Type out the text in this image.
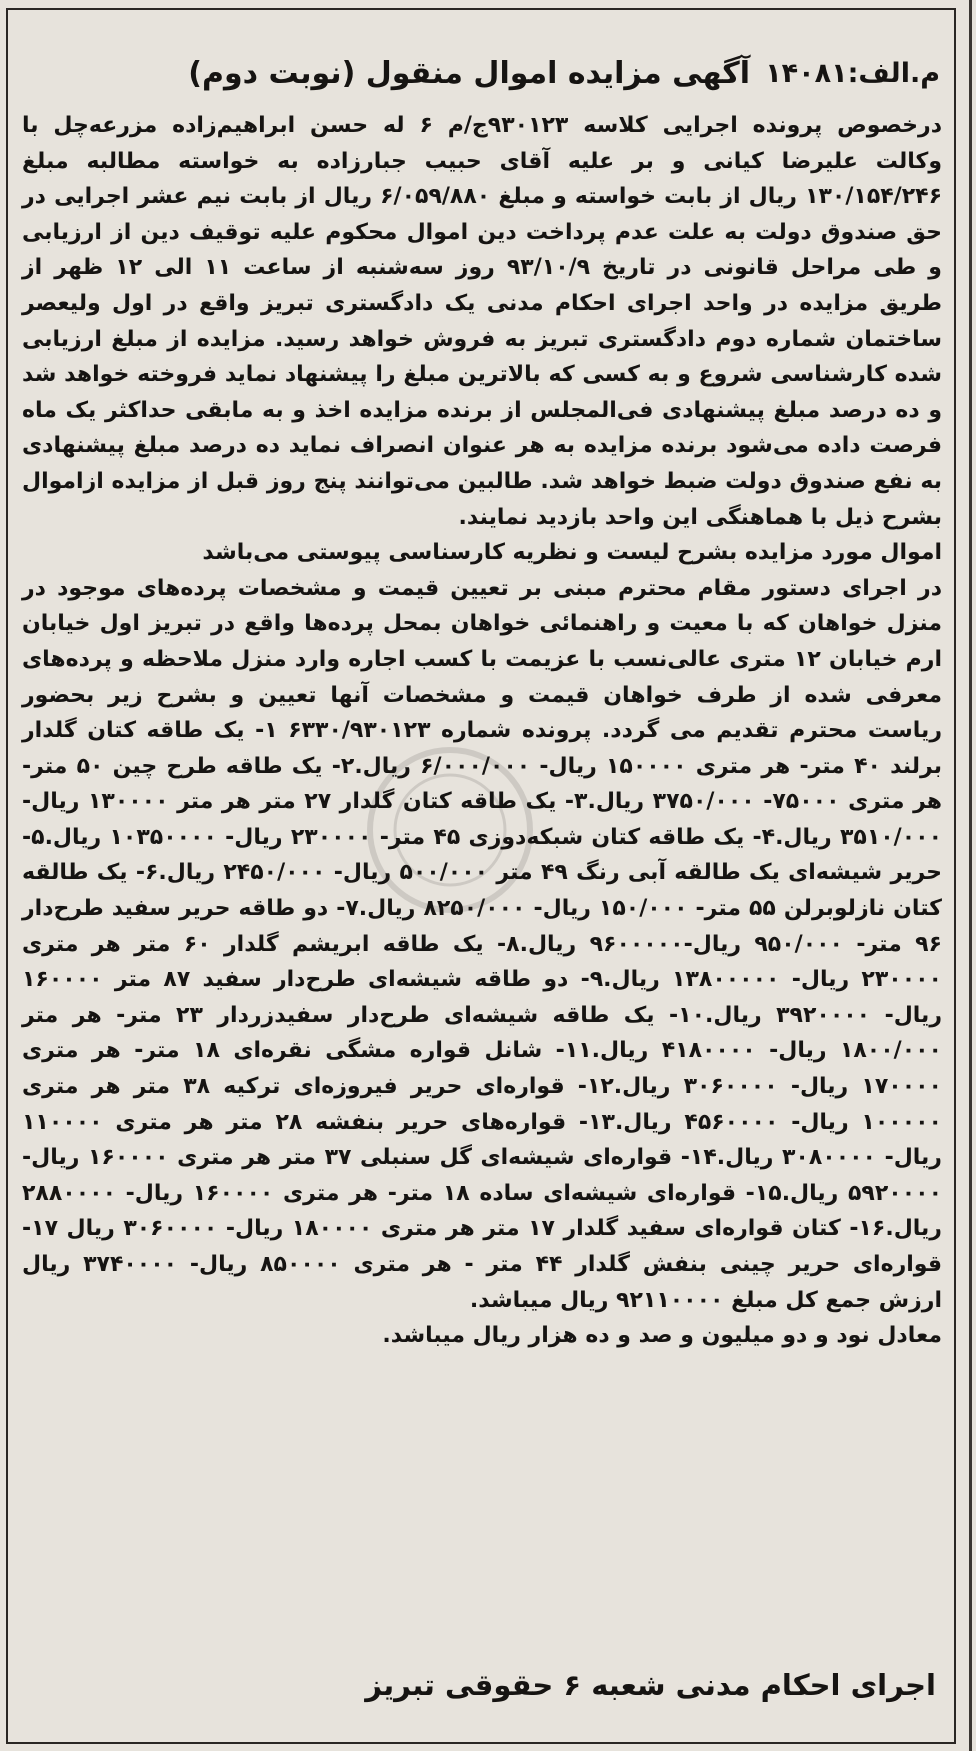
م.الف:۱۴۰۸۱
آگهی مزایده اموال منقول (نوبت دوم)

درخصوص پرونده اجرایی کلاسه ۹۳۰۱۲۳ج/م ۶ له حسن ابراهیم‌زاده مزرعه‌چل با وکالت علیرضا کیانی و بر علیه آقای حبیب جبارزاده به خواسته مطالبه مبلغ ۱۳۰/۱۵۴/۲۴۶ ریال از بابت خواسته و مبلغ ۶/۰۵۹/۸۸۰ ریال از بابت نیم عشر اجرایی در حق صندوق دولت به علت عدم پرداخت دین اموال محکوم علیه توقیف دین از ارزیابی و طی مراحل قانونی در تاریخ ۹۳/۱۰/۹ روز سه‌شنبه از ساعت ۱۱ الی ۱۲ ظهر از طریق مزایده در واحد اجرای احکام مدنی یک دادگستری تبریز واقع در اول ولیعصر ساختمان شماره دوم دادگستری تبریز به فروش خواهد رسید. مزایده از مبلغ ارزیابی شده کارشناسی شروع و به کسی که بالاترین مبلغ را پیشنهاد نماید فروخته خواهد شد و ده درصد مبلغ پیشنهادی فی‌المجلس از برنده مزایده اخذ و به مابقی حداکثر یک ماه فرصت داده می‌شود برنده مزایده به هر عنوان انصراف نماید ده درصد مبلغ پیشنهادی به نفع صندوق دولت ضبط خواهد شد. طالبین می‌توانند پنج روز قبل از مزایده ازاموال بشرح ذیل با هماهنگی این واحد بازدید نمایند.

اموال مورد مزایده بشرح لیست و نظریه کارسناسی پیوستی می‌باشد

در اجرای دستور مقام محترم مبنی بر تعیین قیمت و مشخصات پرده‌های موجود در منزل خواهان که با معیت و راهنمائی خواهان بمحل پرده‌ها واقع در تبریز اول خیابان ارم خیابان ۱۲ متری عالی‌نسب با عزیمت با کسب اجاره وارد منزل ملاحظه و پرده‌های معرفی شده از طرف خواهان قیمت و مشخصات آنها تعیین و بشرح زیر بحضور ریاست محترم تقدیم می گردد. پرونده شماره ۶۳۳۰/۹۳۰۱۲۳ ۱- یک طاقه کتان گلدار برلند ۴۰ متر- هر متری ۱۵۰۰۰۰ ریال- ۶/۰۰۰/۰۰۰ ریال.۲- یک طاقه طرح چین ۵۰ متر- هر متری ۷۵۰۰۰- ۳۷۵۰/۰۰۰ ریال.۳- یک طاقه کتان گلدار ۲۷ متر هر متر ۱۳۰۰۰۰ ریال- ۳۵۱۰/۰۰۰ ریال.۴- یک طاقه کتان شبکه‌دوزی ۴۵ متر- ۲۳۰۰۰۰ ریال- ۱۰۳۵۰۰۰۰ ریال.۵- حریر شیشه‌ای یک طالقه آبی رنگ ۴۹ متر ۵۰۰/۰۰۰ ریال- ۲۴۵۰/۰۰۰ ریال.۶- یک طالقه کتان نازلوبرلن ۵۵ متر- ۱۵۰/۰۰۰ ریال- ۸۲۵۰/۰۰۰ ریال.۷- دو طاقه حریر سفید طرح‌دار ۹۶ متر- ۹۵۰/۰۰۰ ریال-۹۶۰۰۰۰۰ ریال.۸- یک طاقه ابریشم گلدار ۶۰ متر هر متری ۲۳۰۰۰۰ ریال- ۱۳۸۰۰۰۰۰ ریال.۹- دو طاقه شیشه‌ای طرح‌دار سفید ۸۷ متر ۱۶۰۰۰۰ ریال- ۳۹۲۰۰۰۰ ریال.۱۰- یک طاقه شیشه‌ای طرح‌دار سفیدزردار ۲۳ متر- هر متر ۱۸۰۰/۰۰۰ ریال- ۴۱۸۰۰۰۰ ریال.۱۱- شانل قواره مشگی نقره‌ای ۱۸ متر- هر متری ۱۷۰۰۰۰ ریال- ۳۰۶۰۰۰۰ ریال.۱۲- قواره‌ای حریر فیروزه‌ای ترکیه ۳۸ متر هر متری ۱۰۰۰۰۰ ریال- ۴۵۶۰۰۰۰ ریال.۱۳- قواره‌های حریر بنفشه ۲۸ متر هر متری ۱۱۰۰۰۰ ریال- ۳۰۸۰۰۰۰ ریال.۱۴- قواره‌ای شیشه‌ای گل سنبلی ۳۷ متر هر متری ۱۶۰۰۰۰ ریال- ۵۹۲۰۰۰۰ ریال.۱۵- قواره‌ای شیشه‌ای ساده ۱۸ متر- هر متری ۱۶۰۰۰۰ ریال- ۲۸۸۰۰۰۰ ریال.۱۶- کتان قواره‌ای سفید گلدار ۱۷ متر هر متری ۱۸۰۰۰۰ ریال- ۳۰۶۰۰۰۰ ریال ۱۷- قواره‌ای حریر چینی بنفش گلدار ۴۴ متر - هر متری ۸۵۰۰۰۰ ریال- ۳۷۴۰۰۰۰ ریال ارزش جمع کل مبلغ ۹۲۱۱۰۰۰۰ ریال میباشد.

معادل نود و دو میلیون و صد و ده هزار ریال میباشد.

اجرای احکام مدنی شعبه ۶ حقوقی تبریز
